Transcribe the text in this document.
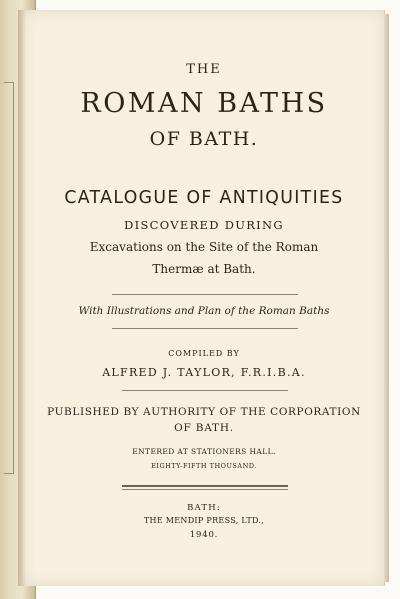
THE
ROMAN BATHS
OF BATH.
CATALOGUE OF ANTIQUITIES
DISCOVERED DURING
Excavations on the Site of the Roman
Thermæ at Bath.
With Illustrations and Plan of the Roman Baths
COMPILED BY
ALFRED J. TAYLOR, F.R.I.B.A.
PUBLISHED BY AUTHORITY OF THE CORPORATION
OF BATH.
ENTERED AT STATIONERS HALL.
EIGHTY-FIFTH THOUSAND.
BATH:
THE MENDIP PRESS, LTD.,
1940.
